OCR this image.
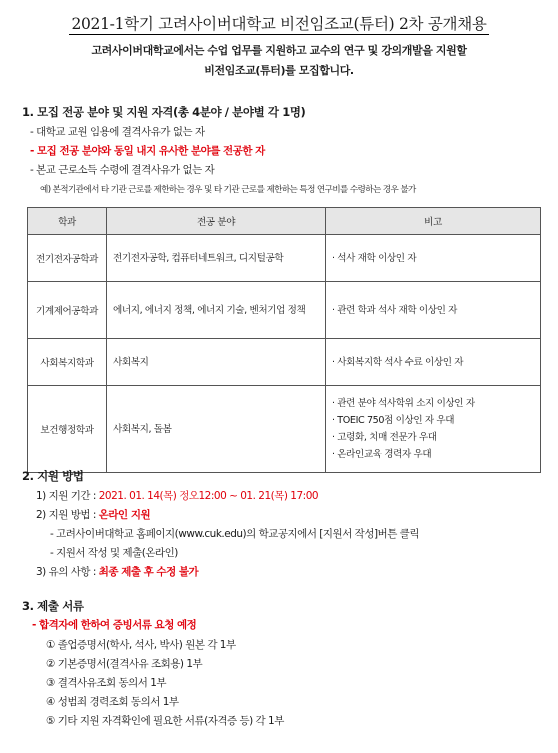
2021-1학기 고려사이버대학교 비전임조교(튜터) 2차 공개채용
고려사이버대학교에서는 수업 업무를 지원하고 교수의 연구 및 강의개발을 지원할
비전임조교(튜터)를 모집합니다.
1. 모집 전공 분야 및 지원 자격(총 4분야 / 분야별 각 1명)
- 대학교 교원 임용에 결격사유가 없는 자
- 모집 전공 분야와 동일 내지 유사한 분야를 전공한 자
- 본교 근로소득 수령에 결격사유가 없는 자
예) 본적기관에서 타 기관 근로를 제한하는 경우 및 타 기관 근로를 제한하는 특정 연구비를 수령하는 경우 불가
학과	전공 분야	비고
전기전자공학과	전기전자공학, 컴퓨터네트워크, 디지털공학	· 석사 재학 이상인 자

기계제어공학과	에너지, 에너지 정책, 에너지 기술, 벤처기업 정책	· 관련 학과 석사 재학 이상인 자

사회복지학과	사회복지	· 사회복지학 석사 수료 이상인 자

보건행정학과	사회복지, 돌봄	· 관련 분야 석사학위 소지 이상인 자
· TOEIC 750점 이상인 자 우대
· 고령화, 치매 전문가 우대
· 온라인교육 경력자 우대
2. 지원 방법
1) 지원 기간 : 2021. 01. 14(목) 정오12:00 ~ 01. 21(목) 17:00
2) 지원 방법 : 온라인 지원
- 고려사이버대학교 홈페이지(www.cuk.edu)의 학교공지에서 [지원서 작성]버튼 클릭
- 지원서 작성 및 제출(온라인)
3) 유의 사항 : 최종 제출 후 수정 불가
3. 제출 서류
- 합격자에 한하여 증빙서류 요청 예정
① 졸업증명서(학사, 석사, 박사) 원본 각 1부
② 기본증명서(결격사유 조회용) 1부
③ 결격사유조회 동의서 1부
④ 성범죄 경력조회 동의서 1부
⑤ 기타 지원 자격확인에 필요한 서류(자격증 등) 각 1부
